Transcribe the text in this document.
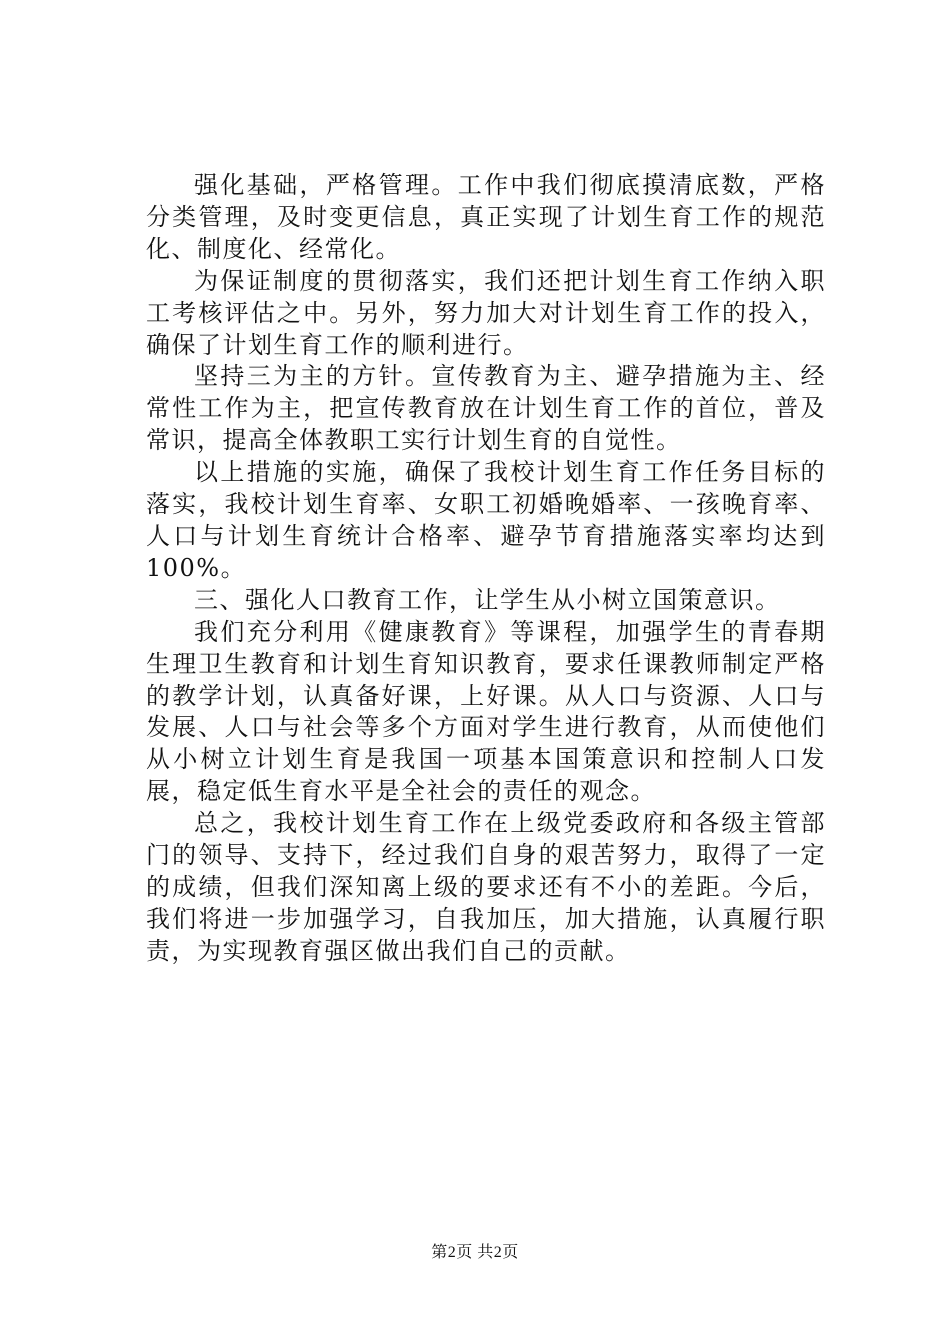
强化基础，严格管理。工作中我们彻底摸清底数，严格分类管理，及时变更信息，真正实现了计划生育工作的规范化、制度化、经常化。

为保证制度的贯彻落实，我们还把计划生育工作纳入职工考核评估之中。另外，努力加大对计划生育工作的投入，确保了计划生育工作的顺利进行。

坚持三为主的方针。宣传教育为主、避孕措施为主、经常性工作为主，把宣传教育放在计划生育工作的首位，普及常识，提高全体教职工实行计划生育的自觉性。

以上措施的实施，确保了我校计划生育工作任务目标的落实，我校计划生育率、女职工初婚晚婚率、一孩晚育率、人口与计划生育统计合格率、避孕节育措施落实率均达到100%。

三、强化人口教育工作，让学生从小树立国策意识。

我们充分利用《健康教育》等课程，加强学生的青春期生理卫生教育和计划生育知识教育，要求任课教师制定严格的教学计划，认真备好课，上好课。从人口与资源、人口与发展、人口与社会等多个方面对学生进行教育，从而使他们从小树立计划生育是我国一项基本国策意识和控制人口发展，稳定低生育水平是全社会的责任的观念。

总之，我校计划生育工作在上级党委政府和各级主管部门的领导、支持下，经过我们自身的艰苦努力，取得了一定的成绩，但我们深知离上级的要求还有不小的差距。今后，我们将进一步加强学习，自我加压，加大措施，认真履行职责，为实现教育强区做出我们自己的贡献。

第2页 共2页
